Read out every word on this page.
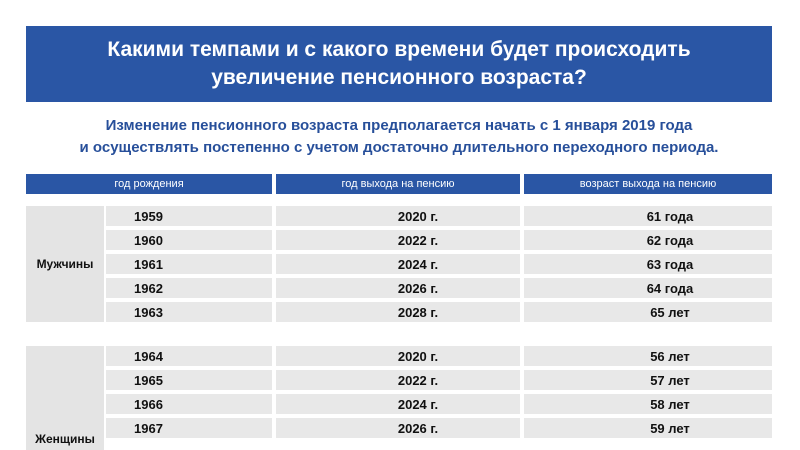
Какими темпами и с какого времени будет происходить
увеличение пенсионного возраста?
Изменение пенсионного возраста предполагается начать с 1 января 2019 года
и осуществлять постепенно с учетом достаточно длительного переходного периода.
год рождения	год выхода на пенсию	возраст выхода на пенсию
Мужчины
1959	2020 г.	61 года
1960	2022 г.	62 года
1961	2024 г.	63 года
1962	2026 г.	64 года
1963	2028 г.	65 лет
Женщины
1964	2020 г.	56 лет
1965	2022 г.	57 лет
1966	2024 г.	58 лет
1967	2026 г.	59 лет
